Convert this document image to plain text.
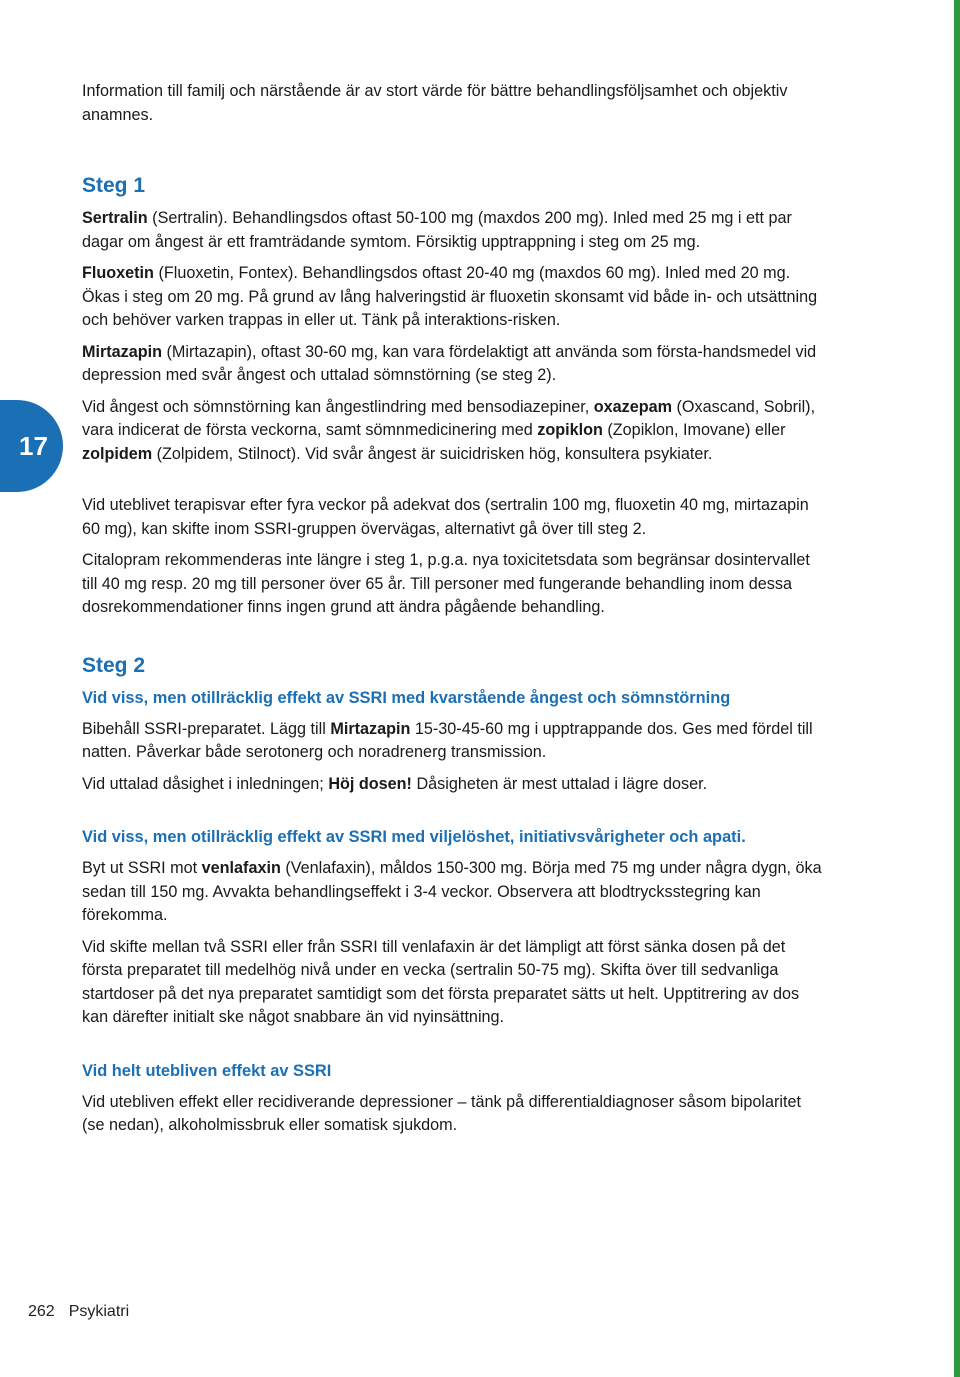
17

Information till familj och närstående är av stort värde för bättre behandlingsföljsamhet och objektiv anamnes.

Steg 1

Sertralin (Sertralin). Behandlingsdos oftast 50-100 mg (maxdos 200 mg). Inled med 25 mg i ett par dagar om ångest är ett framträdande symtom. Försiktig upptrappning i steg om 25 mg.

Fluoxetin (Fluoxetin, Fontex). Behandlingsdos oftast 20-40 mg (maxdos 60 mg). Inled med 20 mg. Ökas i steg om 20 mg. På grund av lång halveringstid är fluoxetin skonsamt vid både in- och utsättning och behöver varken trappas in eller ut. Tänk på interaktions-risken.

Mirtazapin (Mirtazapin), oftast 30-60 mg, kan vara fördelaktigt att använda som första-handsmedel vid depression med svår ångest och uttalad sömnstörning (se steg 2).

Vid ångest och sömnstörning kan ångestlindring med bensodiazepiner, oxazepam (Oxascand, Sobril), vara indicerat de första veckorna, samt sömnmedicinering med zopiklon (Zopiklon, Imovane) eller zolpidem (Zolpidem, Stilnoct). Vid svår ångest är suicidrisken hög, konsultera psykiater.

Vid uteblivet terapisvar efter fyra veckor på adekvat dos (sertralin 100 mg, fluoxetin 40 mg, mirtazapin 60 mg), kan skifte inom SSRI-gruppen övervägas, alternativt gå över till steg 2.

Citalopram rekommenderas inte längre i steg 1, p.g.a. nya toxicitetsdata som begränsar dosintervallet till 40 mg resp. 20 mg till personer över 65 år. Till personer med fungerande behandling inom dessa dosrekommendationer finns ingen grund att ändra pågående behandling.

Steg 2
Vid viss, men otillräcklig effekt av SSRI med kvarstående ångest och sömnstörning

Bibehåll SSRI-preparatet. Lägg till Mirtazapin 15-30-45-60 mg i upptrappande dos. Ges med fördel till natten. Påverkar både serotonerg och noradrenerg transmission.

Vid uttalad dåsighet i inledningen; Höj dosen! Dåsigheten är mest uttalad i lägre doser.

Vid viss, men otillräcklig effekt av SSRI med viljelöshet, initiativsvårigheter och apati.

Byt ut SSRI mot venlafaxin (Venlafaxin), måldos 150-300 mg. Börja med 75 mg under några dygn, öka sedan till 150 mg. Avvakta behandlingseffekt i 3-4 veckor. Observera att blodtrycksstegring kan förekomma.

Vid skifte mellan två SSRI eller från SSRI till venlafaxin är det lämpligt att först sänka dosen på det första preparatet till medelhög nivå under en vecka (sertralin 50-75 mg). Skifta över till sedvanliga startdoser på det nya preparatet samtidigt som det första preparatet sätts ut helt. Upptitrering av dos kan därefter initialt ske något snabbare än vid nyinsättning.

Vid helt utebliven effekt av SSRI

Vid utebliven effekt eller recidiverande depressioner – tänk på differentialdiagnoser såsom bipolaritet (se nedan), alkoholmissbruk eller somatisk sjukdom.

262 Psykiatri
